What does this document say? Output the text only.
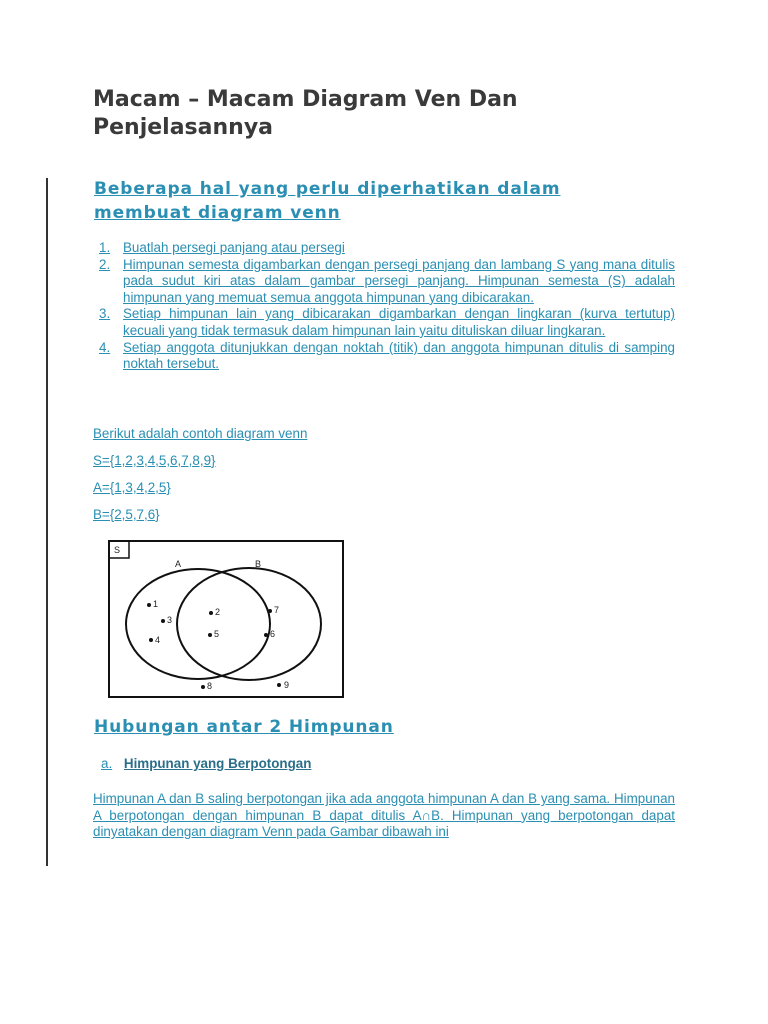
Macam – Macam Diagram Ven Dan Penjelasannya
Beberapa hal yang perlu diperhatikan dalam membuat diagram venn
1. Buatlah persegi panjang atau persegi
2. Himpunan semesta digambarkan dengan persegi panjang dan lambang S yang mana ditulis pada sudut kiri atas dalam gambar persegi panjang. Himpunan semesta (S) adalah himpunan yang memuat semua anggota himpunan yang dibicarakan.
3. Setiap himpunan lain yang dibicarakan digambarkan dengan lingkaran (kurva tertutup) kecuali yang tidak termasuk dalam himpunan lain yaitu dituliskan diluar lingkaran.
4. Setiap anggota ditunjukkan dengan noktah (titik) dan anggota himpunan ditulis di samping noktah tersebut.

Berikut adalah contoh diagram venn

S={1,2,3,4,5,6,7,8,9}

A={1,3,4,2,5}

B={2,5,7,6}

S
A	B
1
3
4
2
5
7
6
8	9
Hubungan antar 2 Himpunan

a. Himpunan yang Berpotongan

Himpunan A dan B saling berpotongan jika ada anggota himpunan A dan B yang sama. Himpunan A berpotongan dengan himpunan B dapat ditulis A∩B. Himpunan yang berpotongan dapat dinyatakan dengan diagram Venn pada Gambar dibawah ini
